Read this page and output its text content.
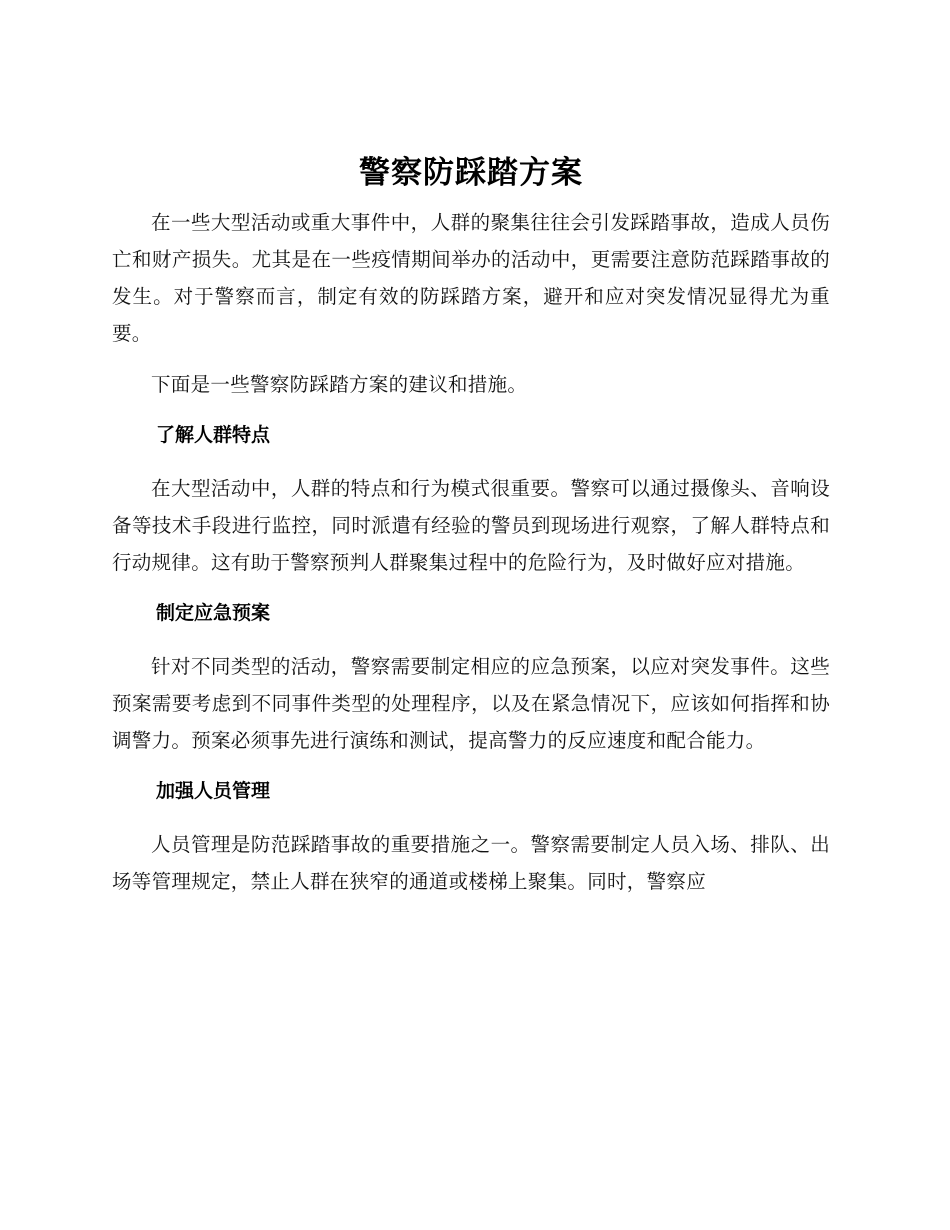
警察防踩踏方案

在一些大型活动或重大事件中，人群的聚集往往会引发踩踏事故，造成人员伤亡和财产损失。尤其是在一些疫情期间举办的活动中，更需要注意防范踩踏事故的发生。对于警察而言，制定有效的防踩踏方案，避开和应对突发情况显得尤为重要。

下面是一些警察防踩踏方案的建议和措施。

了解人群特点

在大型活动中，人群的特点和行为模式很重要。警察可以通过摄像头、音响设备等技术手段进行监控，同时派遣有经验的警员到现场进行观察，了解人群特点和行动规律。这有助于警察预判人群聚集过程中的危险行为，及时做好应对措施。

制定应急预案

针对不同类型的活动，警察需要制定相应的应急预案，以应对突发事件。这些预案需要考虑到不同事件类型的处理程序，以及在紧急情况下，应该如何指挥和协调警力。预案必须事先进行演练和测试，提高警力的反应速度和配合能力。

加强人员管理

人员管理是防范踩踏事故的重要措施之一。警察需要制定人员入场、排队、出场等管理规定，禁止人群在狭窄的通道或楼梯上聚集。同时，警察应
